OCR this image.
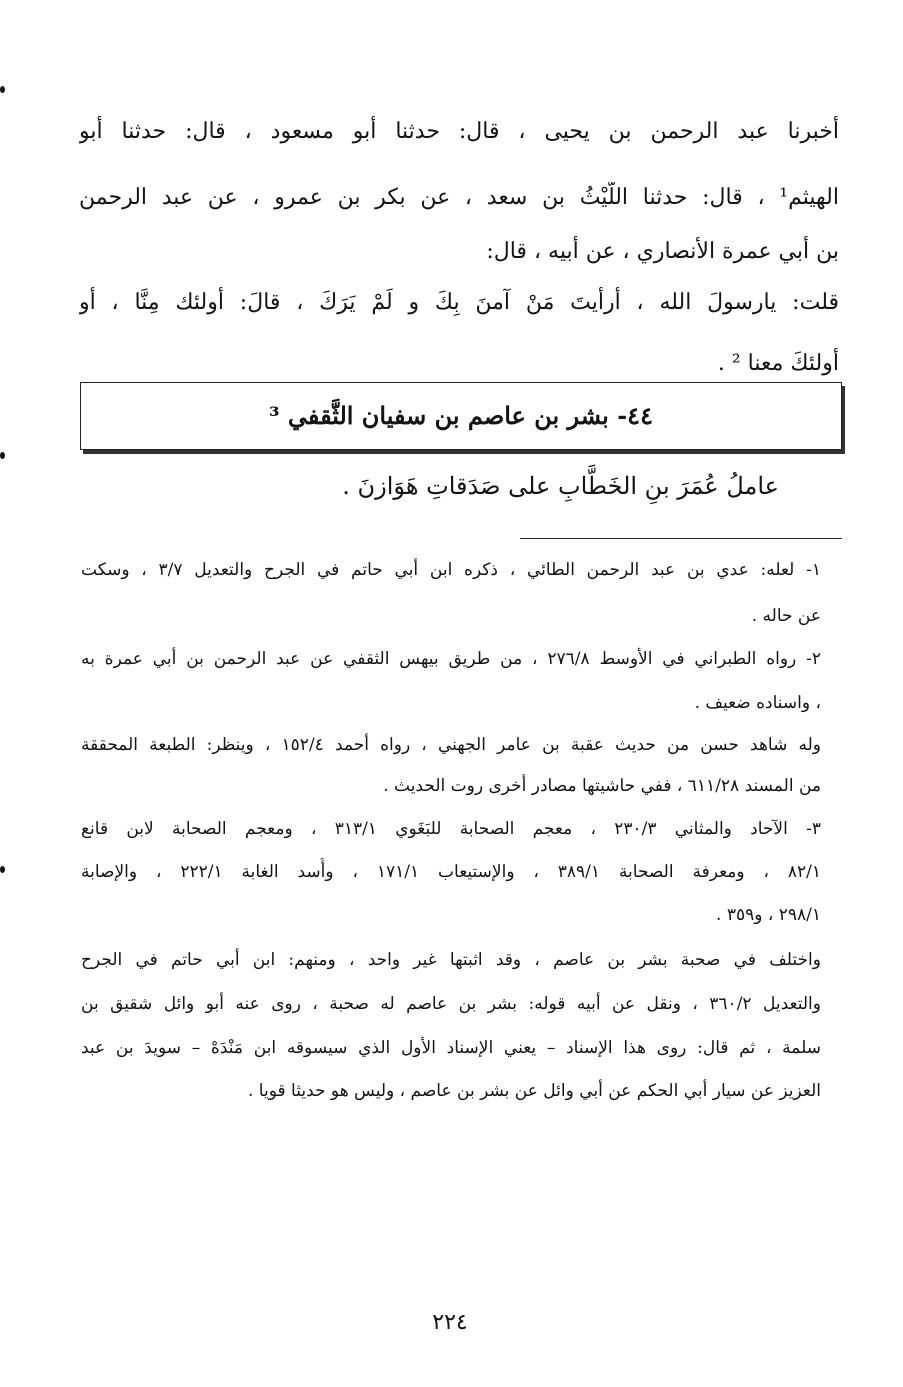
أخبرنا عبد الرحمن بن يحيى ، قال: حدثنا أبو مسعود ، قال: حدثنا أبو
الهيثم¹ ، قال: حدثنا اللَّيْثُ بن سعد ، عن بكر بن عمرو ، عن عبد الرحمن
بن أبي عمرة الأنصاري ، عن أبيه ، قال:
قلت: يارسولَ الله ، أرأيتَ مَنْ آمنَ بِكَ و لَمْ يَرَكَ ، قالَ: أولئك مِنَّا ، أو
أولئكَ معنا ² .
٤٤- بشر بن عاصم بن سفيان الثَّقفي ³
عاملُ عُمَرَ بنِ الخَطَّابِ على صَدَقاتِ هَوَازنَ .
١- لعله: عدي بن عبد الرحمن الطائي ، ذكره ابن أبي حاتم في الجرح والتعديل ٣/٧ ، وسكت
عن حاله .
٢- رواه الطبراني في الأوسط ٢٧٦/٨ ، من طريق بيهس الثقفي عن عبد الرحمن بن أبي عمرة به
، واسناده ضعيف .
وله شاهد حسن من حديث عقبة بن عامر الجهني ، رواه أحمد ١٥٢/٤ ، وينظر: الطبعة المحققة
من المسند ٦١١/٢٨ ، ففي حاشيتها مصادر أخرى روت الحديث .
٣- الآحاد والمثاني ٢٣٠/٣ ، معجم الصحابة للبَغَوي ٣١٣/١ ، ومعجم الصحابة لابن قانع
٨٢/١ ، ومعرفة الصحابة ٣٨٩/١ ، والإستيعاب ١٧١/١ ، وأُسد الغابة ٢٢٢/١ ، والإصابة
٢٩٨/١ ، و٣٥٩ .
واختلف في صحبة بشر بن عاصم ، وقد اثبتها غير واحد ، ومنهم: ابن أبي حاتم في الجرح
والتعديل ٣٦٠/٢ ، ونقل عن أبيه قوله: بشر بن عاصم له صحبة ، روى عنه أبو وائل شقيق بن
سلمة ، ثم قال: روى هذا الإسناد – يعني الإسناد الأول الذي سيسوقه ابن مَنْدَهْ – سويدَ بن عبد
العزيز عن سيار أبي الحكم عن أبي وائل عن بشر بن عاصم ، وليس هو حديثا قويا .
٢٢٤
